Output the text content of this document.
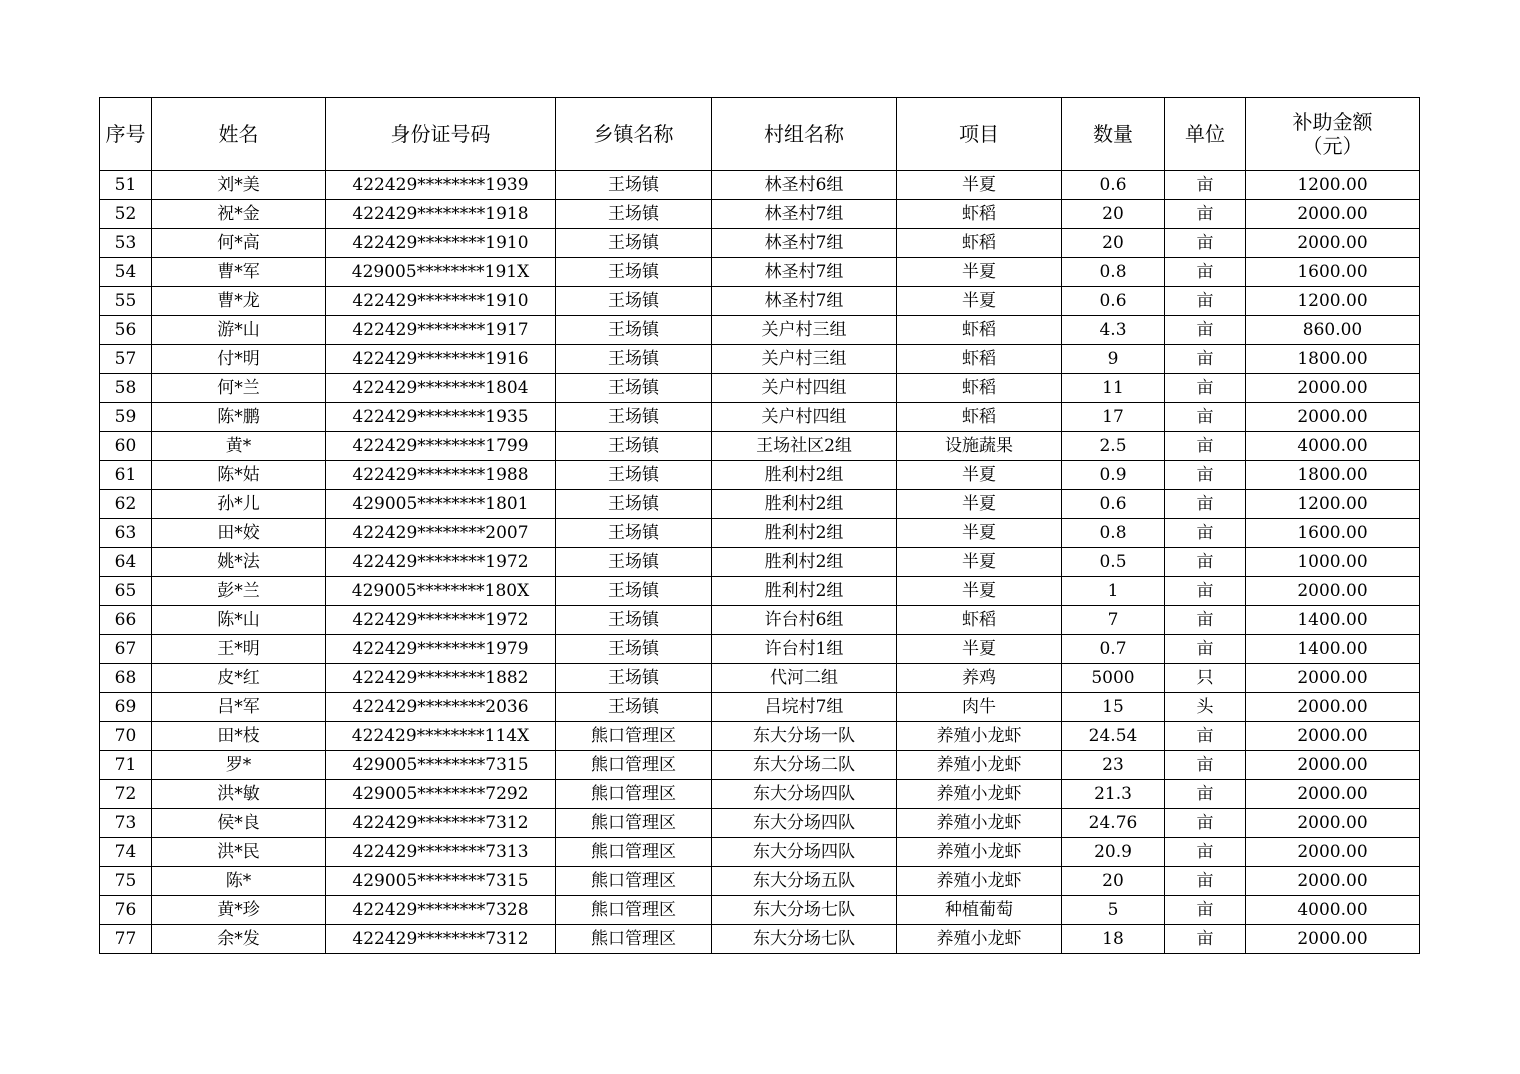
序号	姓名	身份证号码	乡镇名称	村组名称	项目	数量	单位	补助金额（元）

51	刘*美	422429********1939	王场镇	林圣村6组	半夏	0.6	亩	1200.00
52	祝*金	422429********1918	王场镇	林圣村7组	虾稻	20	亩	2000.00
53	何*高	422429********1910	王场镇	林圣村7组	虾稻	20	亩	2000.00
54	曹*军	429005********191X	王场镇	林圣村7组	半夏	0.8	亩	1600.00
55	曹*龙	422429********1910	王场镇	林圣村7组	半夏	0.6	亩	1200.00
56	游*山	422429********1917	王场镇	关户村三组	虾稻	4.3	亩	860.00
57	付*明	422429********1916	王场镇	关户村三组	虾稻	9	亩	1800.00
58	何*兰	422429********1804	王场镇	关户村四组	虾稻	11	亩	2000.00
59	陈*鹏	422429********1935	王场镇	关户村四组	虾稻	17	亩	2000.00
60	黄*	422429********1799	王场镇	王场社区2组	设施蔬果	2.5	亩	4000.00
61	陈*姑	422429********1988	王场镇	胜利村2组	半夏	0.9	亩	1800.00
62	孙*儿	429005********1801	王场镇	胜利村2组	半夏	0.6	亩	1200.00
63	田*姣	422429********2007	王场镇	胜利村2组	半夏	0.8	亩	1600.00
64	姚*法	422429********1972	王场镇	胜利村2组	半夏	0.5	亩	1000.00
65	彭*兰	429005********180X	王场镇	胜利村2组	半夏	1	亩	2000.00
66	陈*山	422429********1972	王场镇	许台村6组	虾稻	7	亩	1400.00
67	王*明	422429********1979	王场镇	许台村1组	半夏	0.7	亩	1400.00
68	皮*红	422429********1882	王场镇	代河二组	养鸡	5000	只	2000.00
69	吕*军	422429********2036	王场镇	吕垸村7组	肉牛	15	头	2000.00
70	田*枝	422429********114X	熊口管理区	东大分场一队	养殖小龙虾	24.54	亩	2000.00
71	罗*	429005********7315	熊口管理区	东大分场二队	养殖小龙虾	23	亩	2000.00
72	洪*敏	429005********7292	熊口管理区	东大分场四队	养殖小龙虾	21.3	亩	2000.00
73	侯*良	422429********7312	熊口管理区	东大分场四队	养殖小龙虾	24.76	亩	2000.00
74	洪*民	422429********7313	熊口管理区	东大分场四队	养殖小龙虾	20.9	亩	2000.00
75	陈*	429005********7315	熊口管理区	东大分场五队	养殖小龙虾	20	亩	2000.00
76	黄*珍	422429********7328	熊口管理区	东大分场七队	种植葡萄	5	亩	4000.00
77	余*发	422429********7312	熊口管理区	东大分场七队	养殖小龙虾	18	亩	2000.00
